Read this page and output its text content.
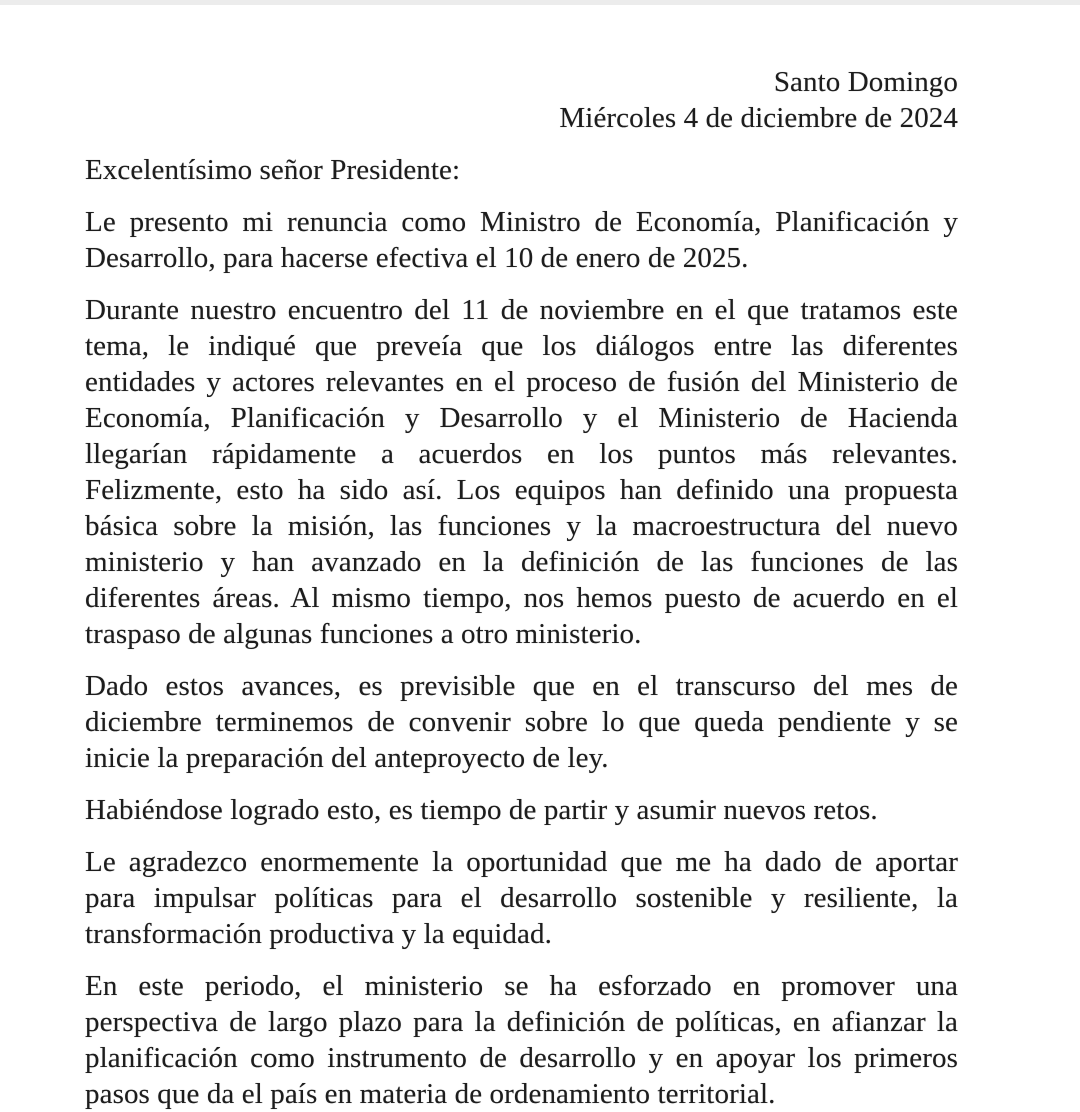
Santo Domingo
Miércoles 4 de diciembre de 2024

Excelentísimo señor Presidente:

Le presento mi renuncia como Ministro de Economía, Planificación y Desarrollo, para hacerse efectiva el 10 de enero de 2025.

Durante nuestro encuentro del 11 de noviembre en el que tratamos este tema, le indiqué que preveía que los diálogos entre las diferentes entidades y actores relevantes en el proceso de fusión del Ministerio de Economía, Planificación y Desarrollo y el Ministerio de Hacienda llegarían rápidamente a acuerdos en los puntos más relevantes. Felizmente, esto ha sido así. Los equipos han definido una propuesta básica sobre la misión, las funciones y la macroestructura del nuevo ministerio y han avanzado en la definición de las funciones de las diferentes áreas. Al mismo tiempo, nos hemos puesto de acuerdo en el traspaso de algunas funciones a otro ministerio.

Dado estos avances, es previsible que en el transcurso del mes de diciembre terminemos de convenir sobre lo que queda pendiente y se inicie la preparación del anteproyecto de ley.

Habiéndose logrado esto, es tiempo de partir y asumir nuevos retos.

Le agradezco enormemente la oportunidad que me ha dado de aportar para impulsar políticas para el desarrollo sostenible y resiliente, la transformación productiva y la equidad.

En este periodo, el ministerio se ha esforzado en promover una perspectiva de largo plazo para la definición de políticas, en afianzar la planificación como instrumento de desarrollo y en apoyar los primeros pasos que da el país en materia de ordenamiento territorial.
